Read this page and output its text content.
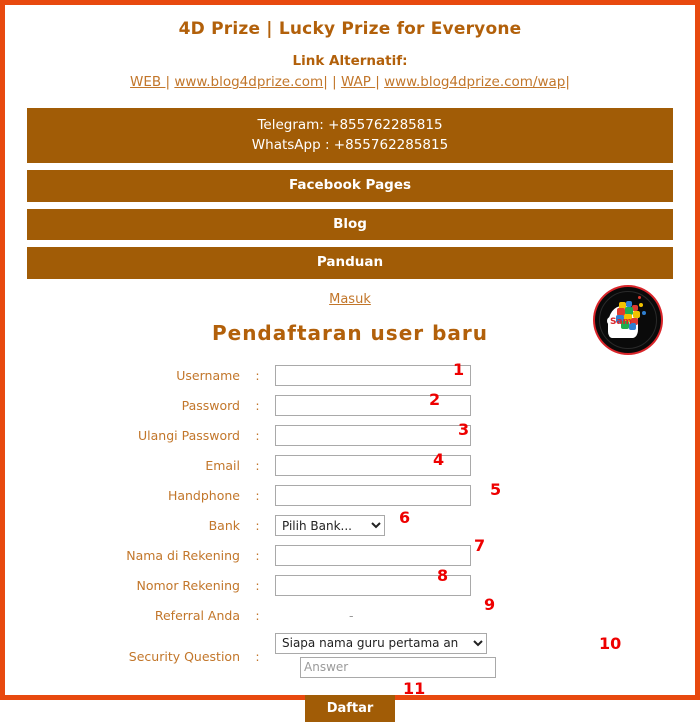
4D Prize | Lucky Prize for Everyone
Link Alternatif:
WEB | www.blog4dprize.com| | WAP | www.blog4dprize.com/wap|
Telegram: +855762285815
WhatsApp : +855762285815
Facebook Pages
Blog
Panduan
Masuk
Sam
Pendaftaran user baru
Username	:
Password	:
Ulangi Password	:
Email	:
Handphone	:
Bank	:
Pilih Bank...
Nama di Rekening	:
Nomor Rekening	:
Referral Anda	:	-
Security Question	:
Siapa nama guru pertama an
Answer
Daftar
1
2
3
4
5
6
7
8
9
10
11
